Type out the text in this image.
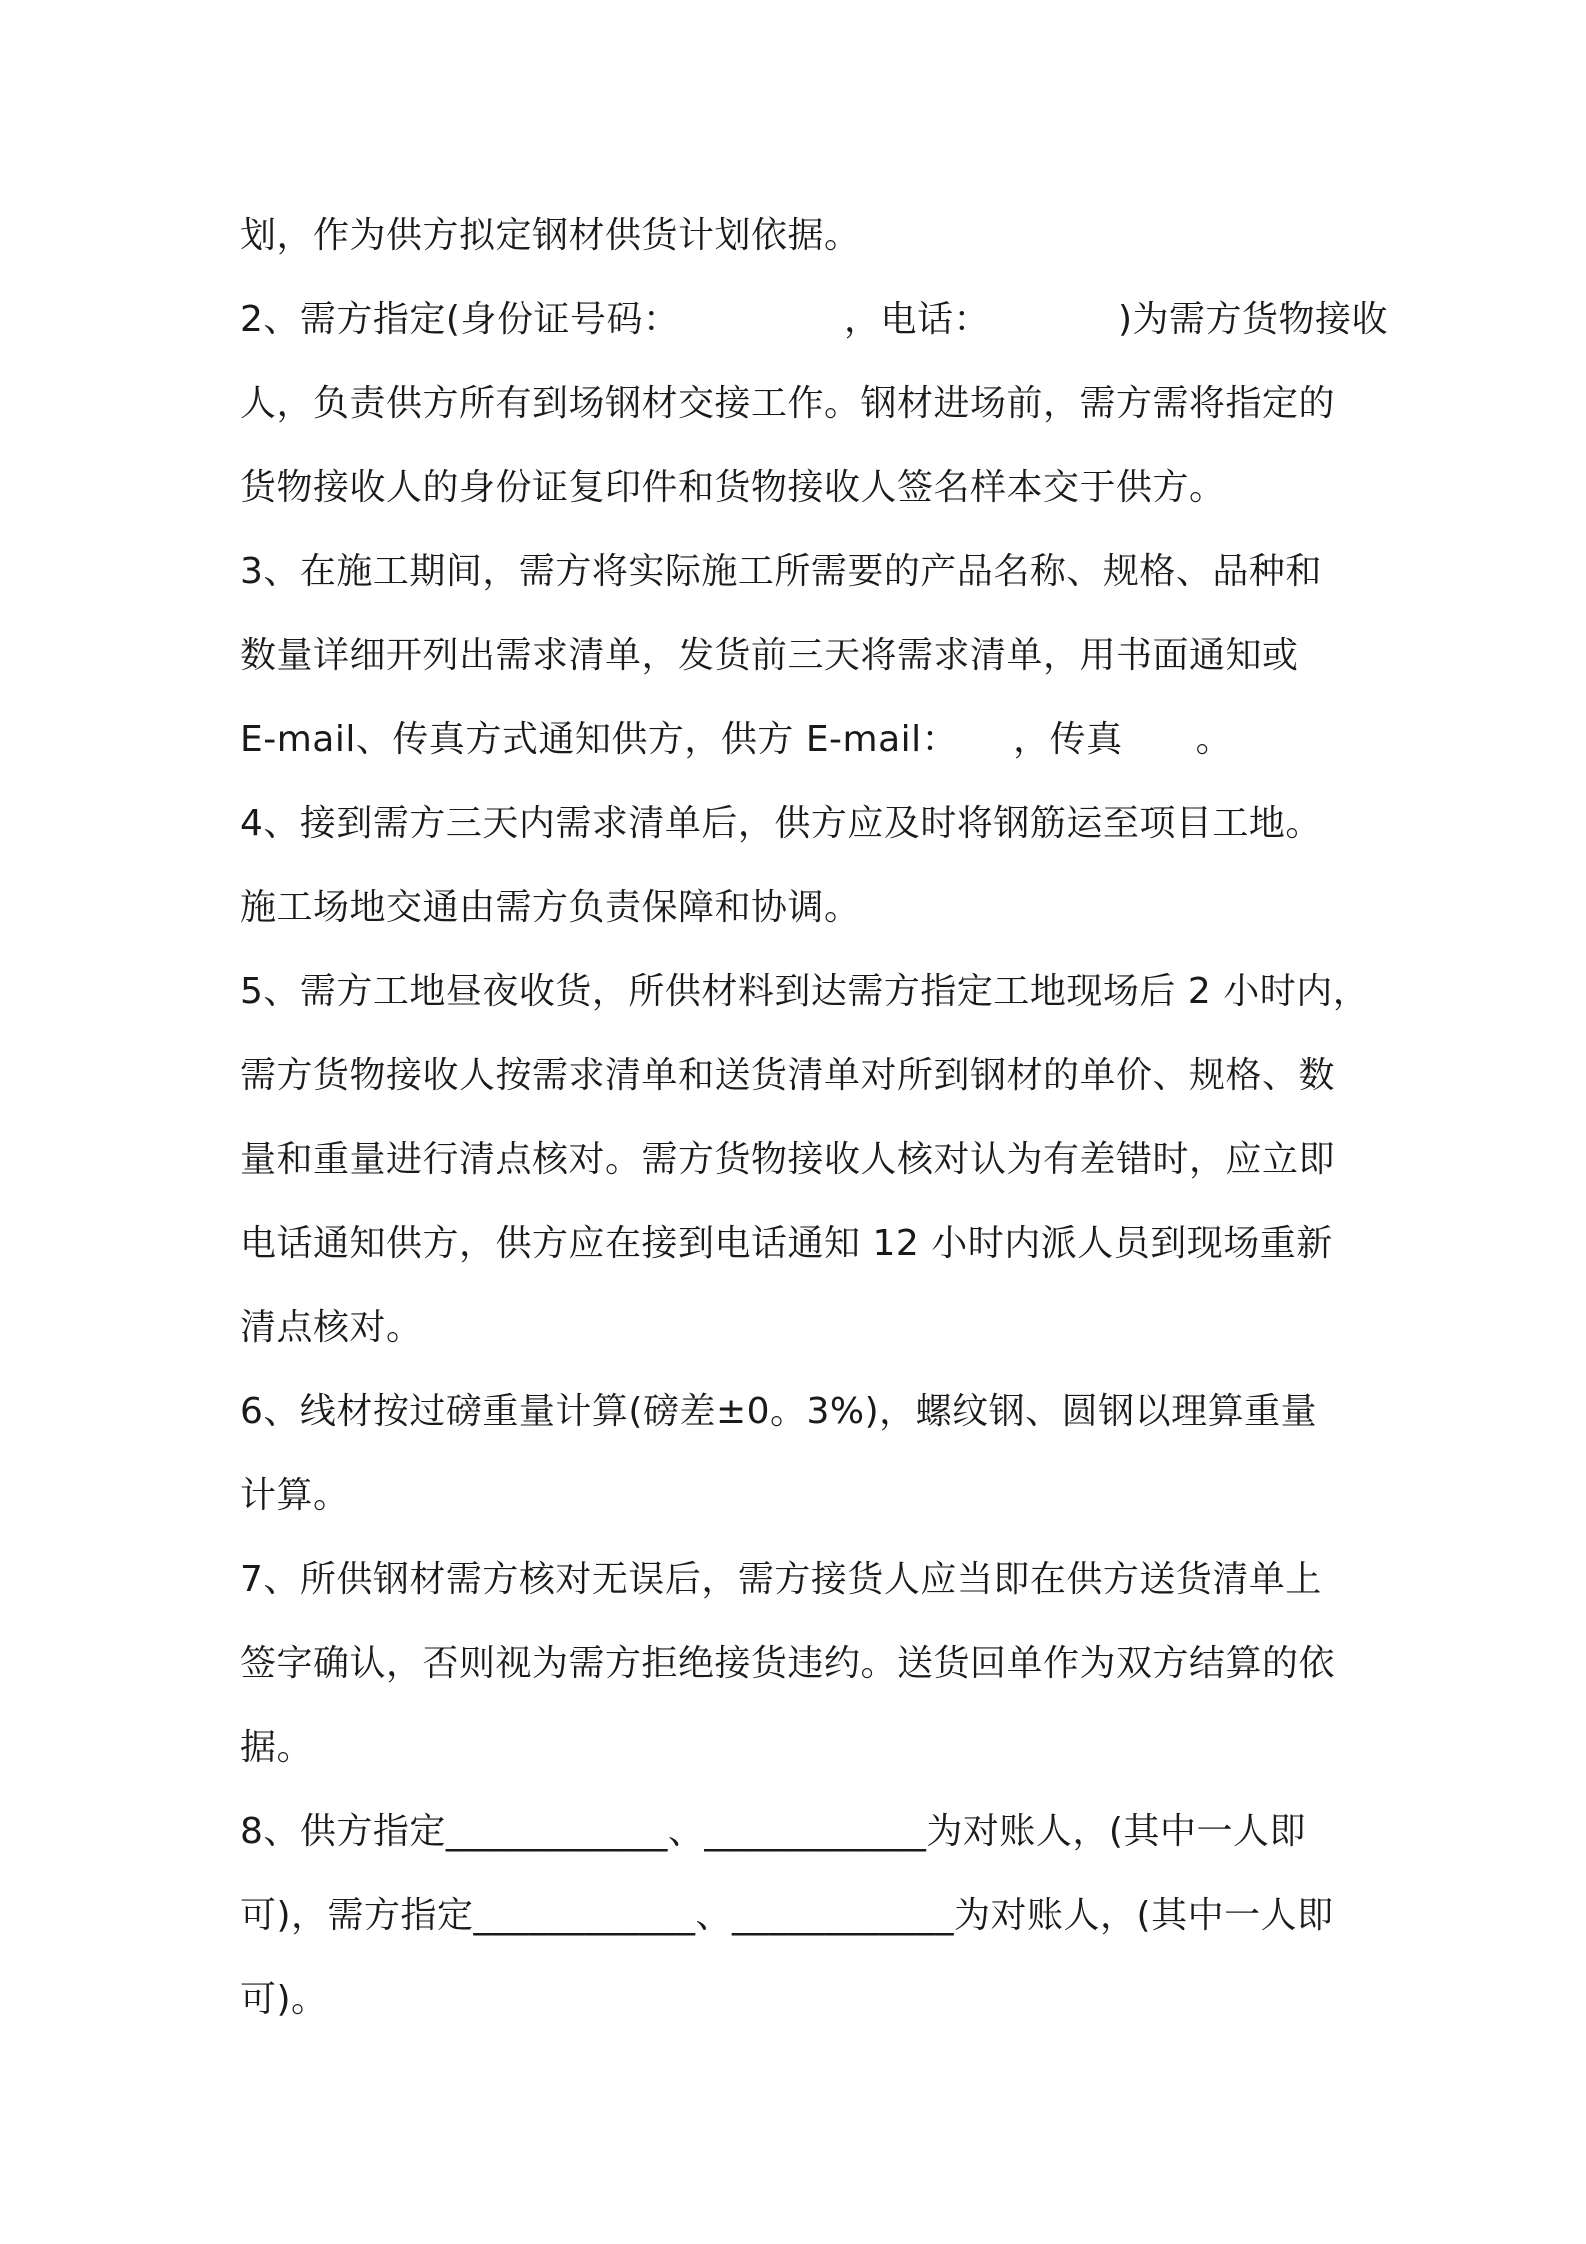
划，作为供方拟定钢材供货计划依据。
2、需方指定(身份证号码：　　　　　，电话：　　　　)为需方货物接收
人，负责供方所有到场钢材交接工作。钢材进场前，需方需将指定的
货物接收人的身份证复印件和货物接收人签名样本交于供方。
3、在施工期间，需方将实际施工所需要的产品名称、规格、品种和
数量详细开列出需求清单，发货前三天将需求清单，用书面通知或
E-mail、传真方式通知供方，供方 E-mail：　　，传真　　。
4、接到需方三天内需求清单后，供方应及时将钢筋运至项目工地。
施工场地交通由需方负责保障和协调。
5、需方工地昼夜收货，所供材料到达需方指定工地现场后 2 小时内，
需方货物接收人按需求清单和送货清单对所到钢材的单价、规格、数
量和重量进行清点核对。需方货物接收人核对认为有差错时，应立即
电话通知供方，供方应在接到电话通知 12 小时内派人员到现场重新
清点核对。
6、线材按过磅重量计算(磅差±0。3%)，螺纹钢、圆钢以理算重量
计算。
7、所供钢材需方核对无误后，需方接货人应当即在供方送货清单上
签字确认，否则视为需方拒绝接货违约。送货回单作为双方结算的依
据。
8、供方指定____________、____________为对账人，(其中一人即
可)，需方指定____________、____________为对账人，(其中一人即
可)。
